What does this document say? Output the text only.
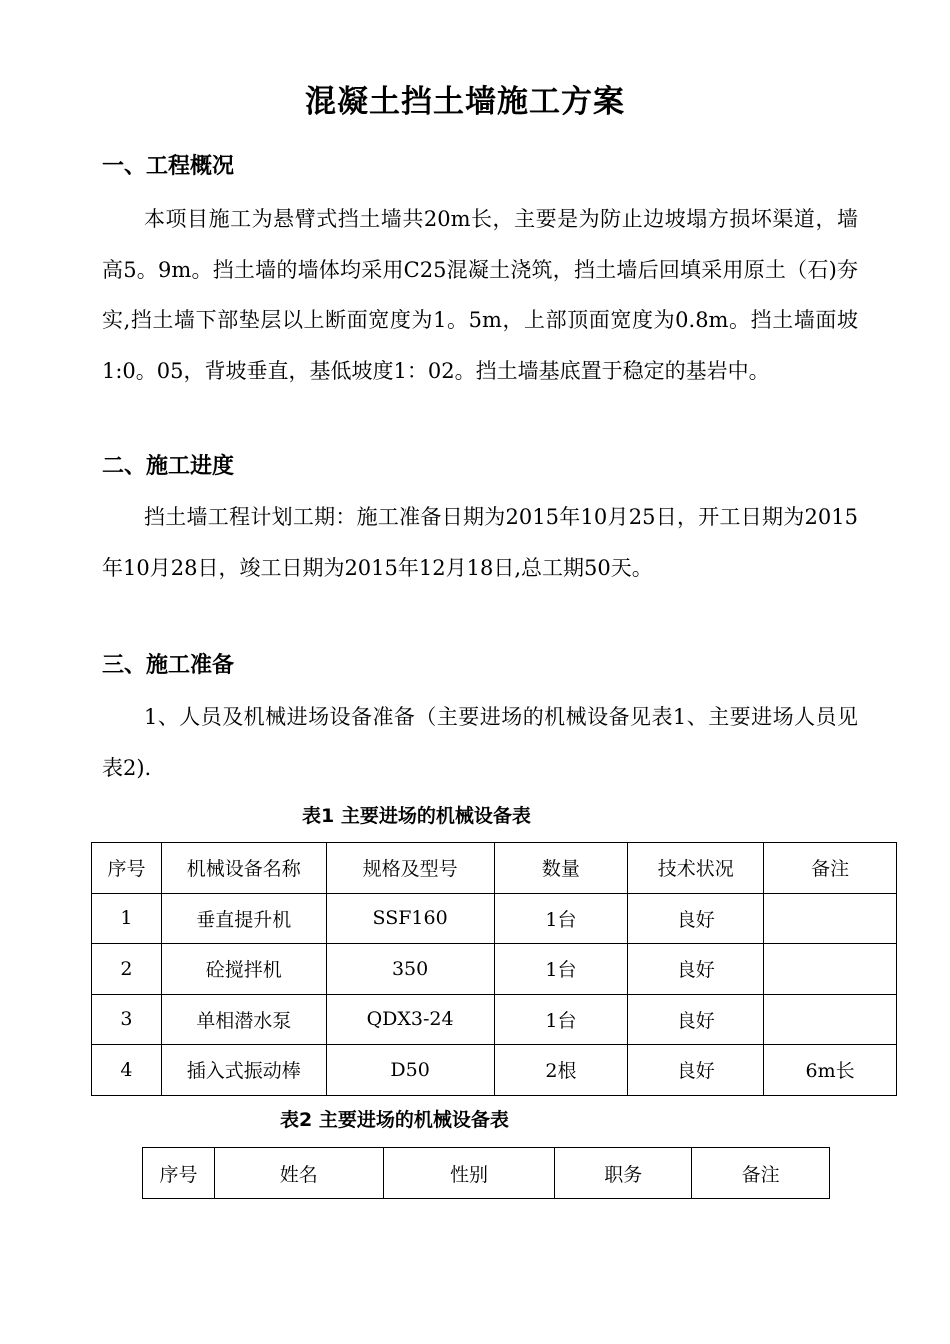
混凝土挡土墙施工方案
一、工程概况
本项目施工为悬臂式挡土墙共20m长，主要是为防止边坡塌方损坏渠道，墙高5。9m。挡土墙的墙体均采用C25混凝土浇筑，挡土墙后回填采用原土（石)夯实,挡土墙下部垫层以上断面宽度为1。5m，上部顶面宽度为0.8m。挡土墙面坡1:0。05，背坡垂直，基低坡度1：02。挡土墙基底置于稳定的基岩中。
二、施工进度
挡土墙工程计划工期：施工准备日期为2015年10月25日，开工日期为2015年10月28日，竣工日期为2015年12月18日,总工期50天。
三、施工准备
1、人员及机械进场设备准备（主要进场的机械设备见表1、主要进场人员见表2).
表1 主要进场的机械设备表
序号	机械设备名称	规格及型号	数量	技术状况	备注
1	垂直提升机	SSF160	1台	良好	
2	砼搅拌机	350	1台	良好	
3	单相潜水泵	QDX3-24	1台	良好	
4	插入式振动棒	D50	2根	良好	6m长
表2 主要进场的机械设备表
序号	姓名	性别	职务	备注
